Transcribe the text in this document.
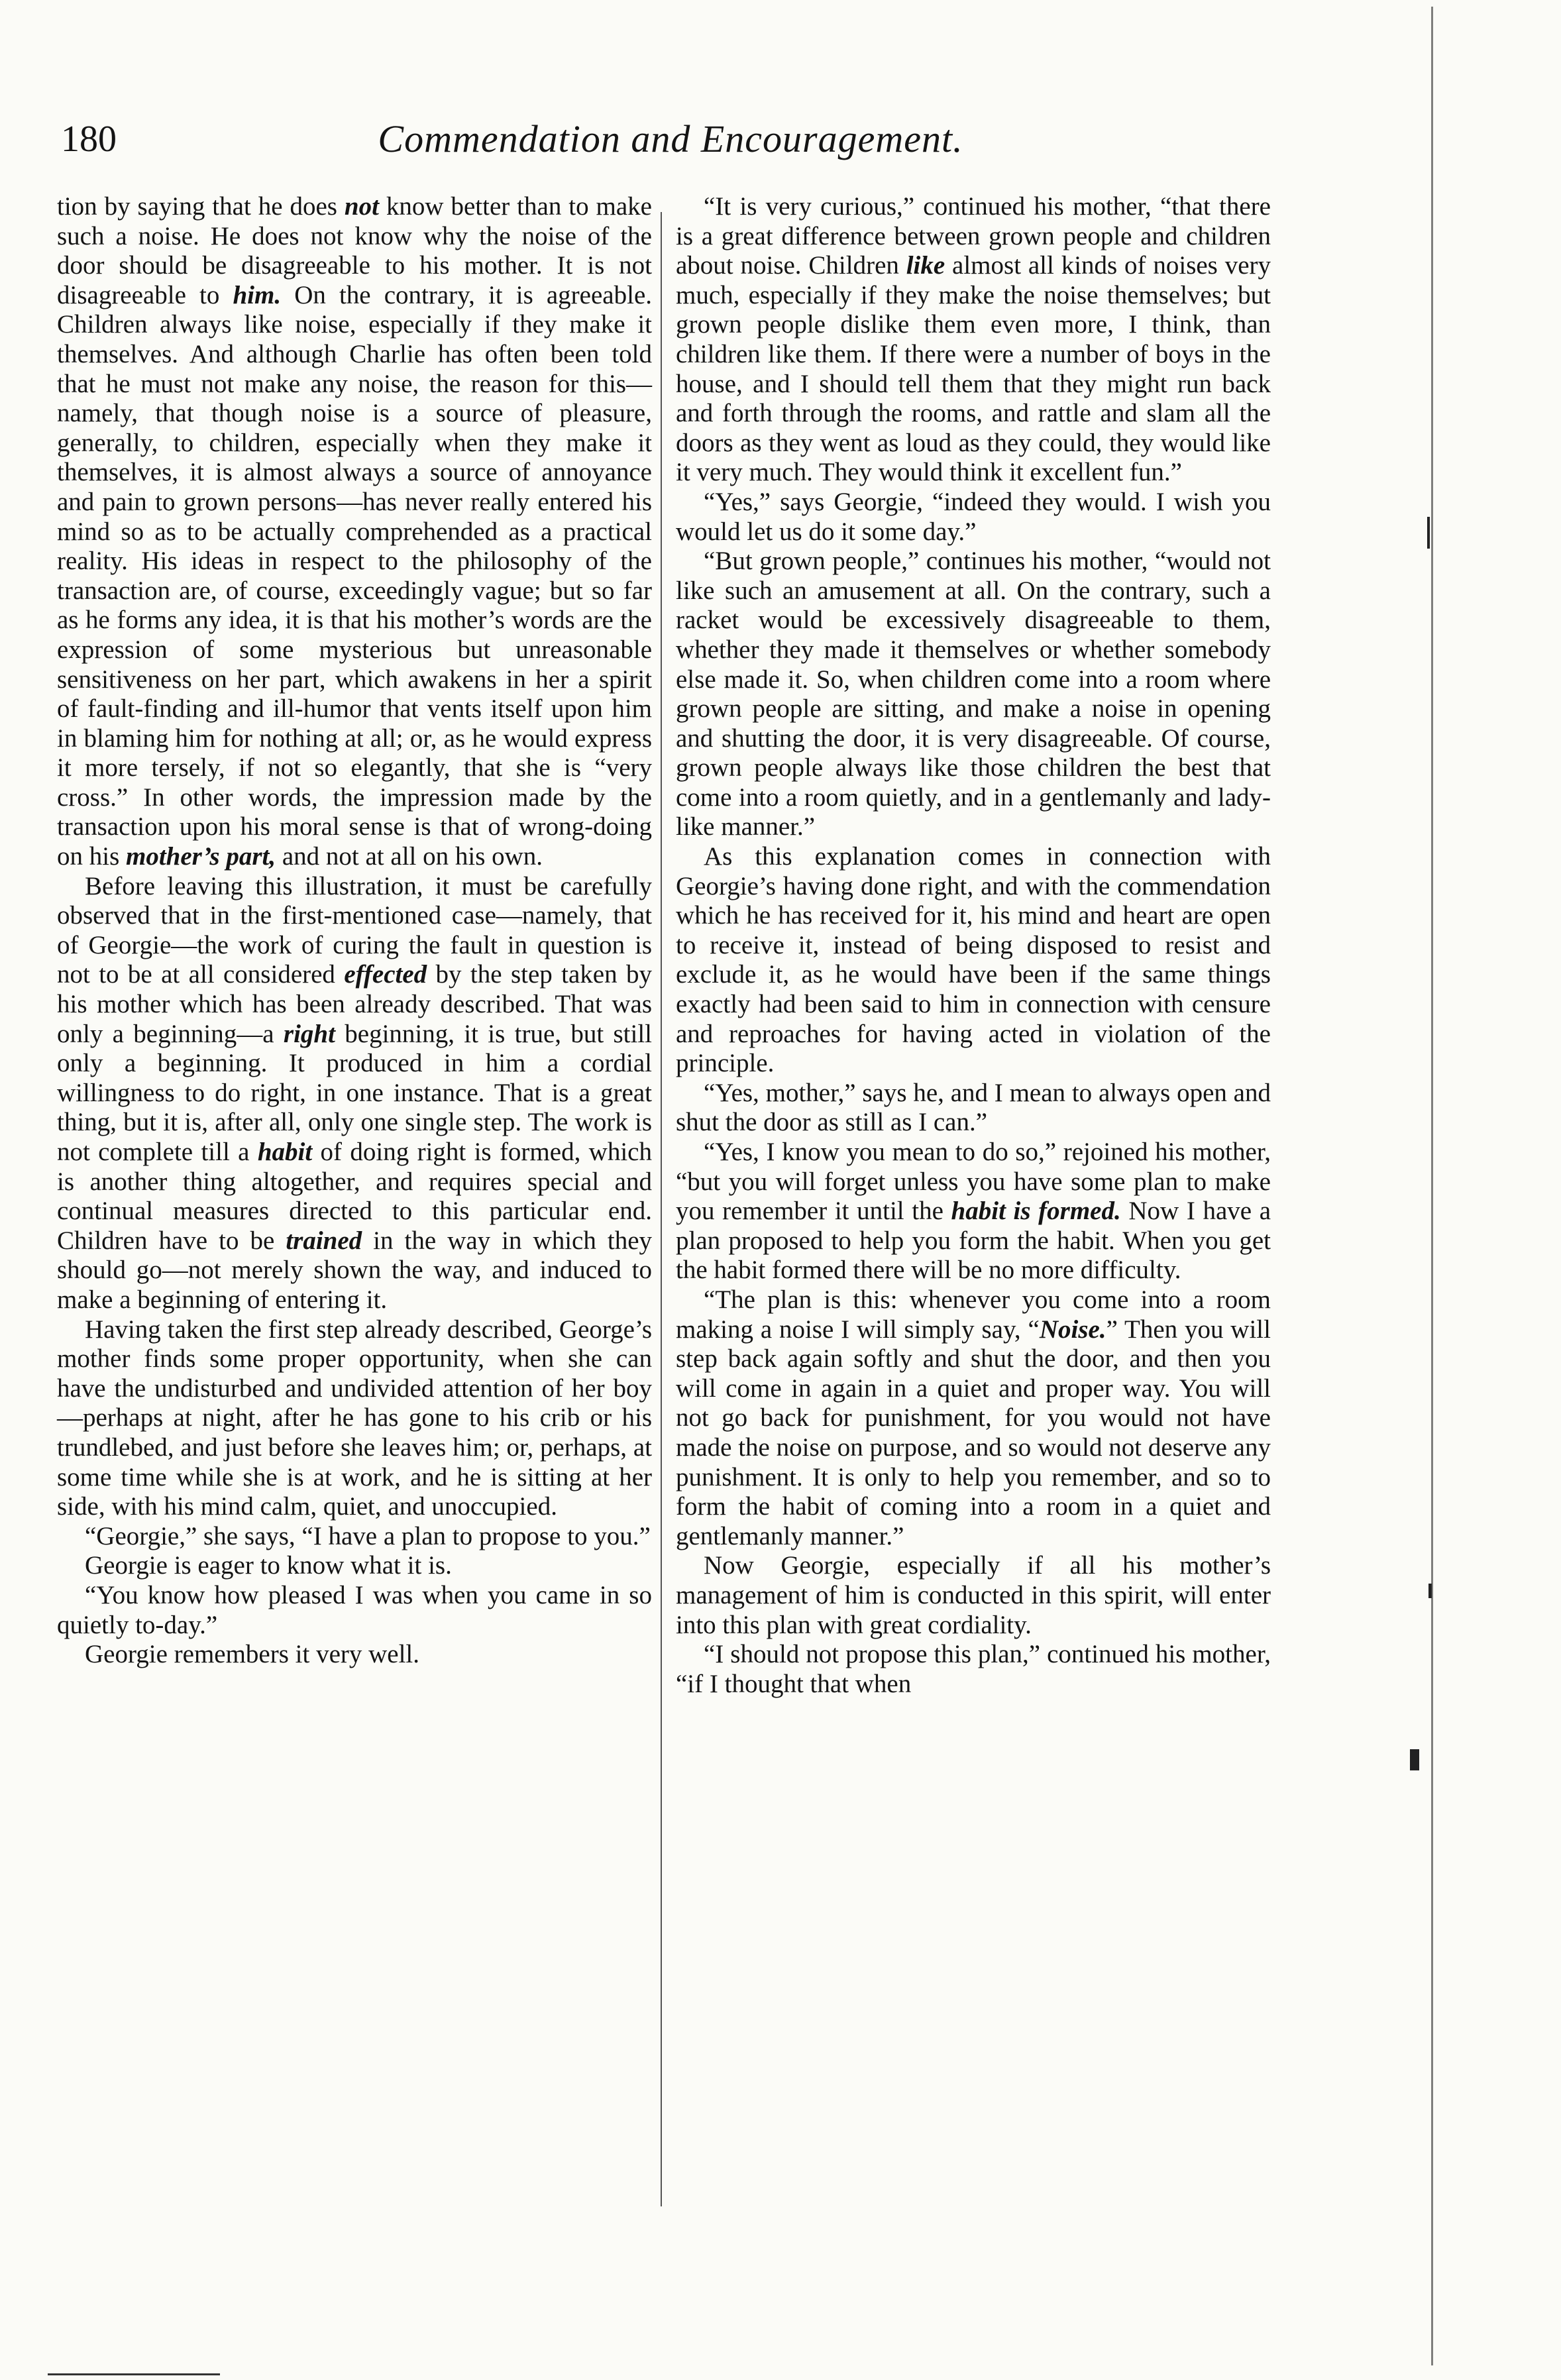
180	Commendation and Encouragement.

tion by saying that he does not know better than to make such a noise. He does not know why the noise of the door should be disagreeable to his mother. It is not disagreeable to him. On the contrary, it is agreeable. Children always like noise, especially if they make it themselves. And although Charlie has often been told that he must not make any noise, the reason for this—namely, that though noise is a source of pleasure, generally, to children, especially when they make it themselves, it is almost always a source of annoyance and pain to grown persons—has never really entered his mind so as to be actually comprehended as a practical reality. His ideas in respect to the philosophy of the transaction are, of course, exceedingly vague; but so far as he forms any idea, it is that his mother’s words are the expression of some mysterious but unreasonable sensitiveness on her part, which awakens in her a spirit of fault-finding and ill-humor that vents itself upon him in blaming him for nothing at all; or, as he would express it more tersely, if not so elegantly, that she is “very cross.” In other words, the impression made by the transaction upon his moral sense is that of wrong-doing on his mother’s part, and not at all on his own.

Before leaving this illustration, it must be carefully observed that in the first-mentioned case—namely, that of Georgie—the work of curing the fault in question is not to be at all considered effected by the step taken by his mother which has been already described. That was only a beginning—a right beginning, it is true, but still only a beginning. It produced in him a cordial willingness to do right, in one instance. That is a great thing, but it is, after all, only one single step. The work is not complete till a habit of doing right is formed, which is another thing altogether, and requires special and continual measures directed to this particular end. Children have to be trained in the way in which they should go—not merely shown the way, and induced to make a beginning of entering it.

Having taken the first step already described, George’s mother finds some proper opportunity, when she can have the undisturbed and undivided attention of her boy —perhaps at night, after he has gone to his crib or his trundlebed, and just before she leaves him; or, perhaps, at some time while she is at work, and he is sitting at her side, with his mind calm, quiet, and unoccupied.

“Georgie,” she says, “I have a plan to propose to you.”

Georgie is eager to know what it is.

“You know how pleased I was when you came in so quietly to-day.”

Georgie remembers it very well.

“It is very curious,” continued his mother, “that there is a great difference between grown people and children about noise. Children like almost all kinds of noises very much, especially if they make the noise themselves; but grown people dislike them even more, I think, than children like them. If there were a number of boys in the house, and I should tell them that they might run back and forth through the rooms, and rattle and slam all the doors as they went as loud as they could, they would like it very much. They would think it excellent fun.”

“Yes,” says Georgie, “indeed they would. I wish you would let us do it some day.”

“But grown people,” continues his mother, “would not like such an amusement at all. On the contrary, such a racket would be excessively disagreeable to them, whether they made it themselves or whether somebody else made it. So, when children come into a room where grown people are sitting, and make a noise in opening and shutting the door, it is very disagreeable. Of course, grown people always like those children the best that come into a room quietly, and in a gentlemanly and lady-like manner.”

As this explanation comes in connection with Georgie’s having done right, and with the commendation which he has received for it, his mind and heart are open to receive it, instead of being disposed to resist and exclude it, as he would have been if the same things exactly had been said to him in connection with censure and reproaches for having acted in violation of the principle.

“Yes, mother,” says he, and I mean to always open and shut the door as still as I can.”

“Yes, I know you mean to do so,” rejoined his mother, “but you will forget unless you have some plan to make you remember it until the habit is formed. Now I have a plan proposed to help you form the habit. When you get the habit formed there will be no more difficulty.

“The plan is this: whenever you come into a room making a noise I will simply say, “Noise.” Then you will step back again softly and shut the door, and then you will come in again in a quiet and proper way. You will not go back for punishment, for you would not have made the noise on purpose, and so would not deserve any punishment. It is only to help you remember, and so to form the habit of coming into a room in a quiet and gentlemanly manner.”

Now Georgie, especially if all his mother’s management of him is conducted in this spirit, will enter into this plan with great cordiality.

“I should not propose this plan,” continued his mother, “if I thought that when
